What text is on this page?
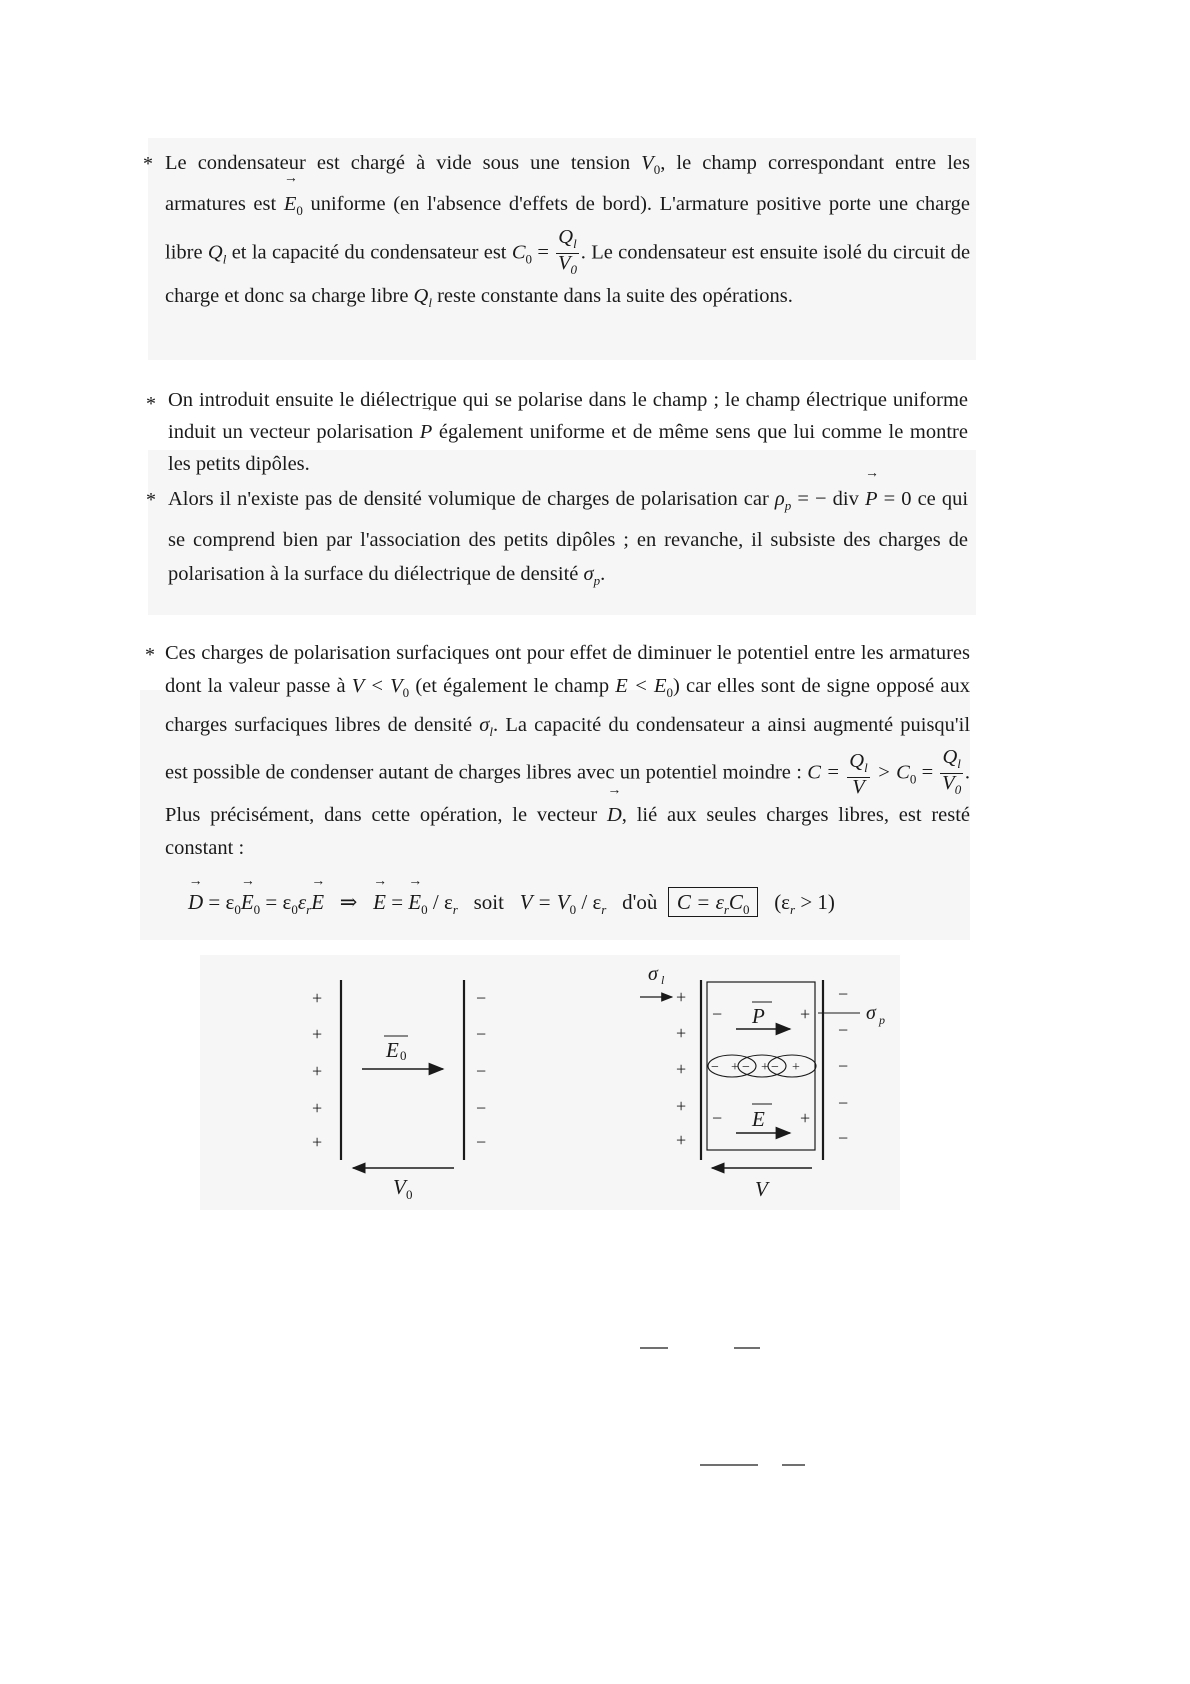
* Le condensateur est chargé à vide sous une tension $V_0$, le champ correspondant entre les armatures est → $E_0$ uniforme (en l'absence d'effets de bord). L'armature positive porte une charge libre $Q_l$ et la capacité du condensateur est $C_0 = \frac{Q_l}{V_0}$ . Le condensateur est ensuite isolé du circuit de charge et donc sa charge libre $Q_l$ reste constante dans la suite des opérations.
* On introduit ensuite le diélectrique qui se polarise dans le champ ; le champ électrique uniforme induit un vecteur polarisation → P également uniforme et de même sens que lui comme le montre les petits dipôles.
* Alors il n'existe pas de densité volumique de charges de polarisation car $\rho_p$ = − div → P = 0 ce qui se comprend bien par l'association des petits dipôles ; en revanche, il subsiste des charges de polarisation à la surface du diélectrique de densité $\sigma_p$.
* Ces charges de polarisation surfaciques ont pour effet de diminuer le potentiel entre les armatures dont la valeur passe à $V < V_0$ (et également le champ $E < E_0$) car elles sont de signe opposé aux charges surfaciques libres de densité $\sigma_l$. La capacité du condensateur a ainsi augmenté puisqu'il est possible de condenser autant de charges libres avec un potentiel moindre : $C = \frac{Q_l}{V} > C_0 = \frac{Q_l}{V_0}$ . Plus précisément, dans cette opération, le vecteur → D, lié aux seules charges libres, est resté constant :
→ $D = \varepsilon_0\to E_0 = \varepsilon_0\varepsilon_r\to E$ ⇒ → E = → $E_0 / \varepsilon_r$ soit $V = V_0 / \varepsilon_r$ d'où $C = \varepsilon_rC_0$ $(\varepsilon_r > 1)$
+
+
+
+
+
−
−
−
−
−
E 0
V 0
σ l
+
+
+
+
+
−
−
−
−
−
−	+
−	+
σ p
P
− + − + − +
E
V
